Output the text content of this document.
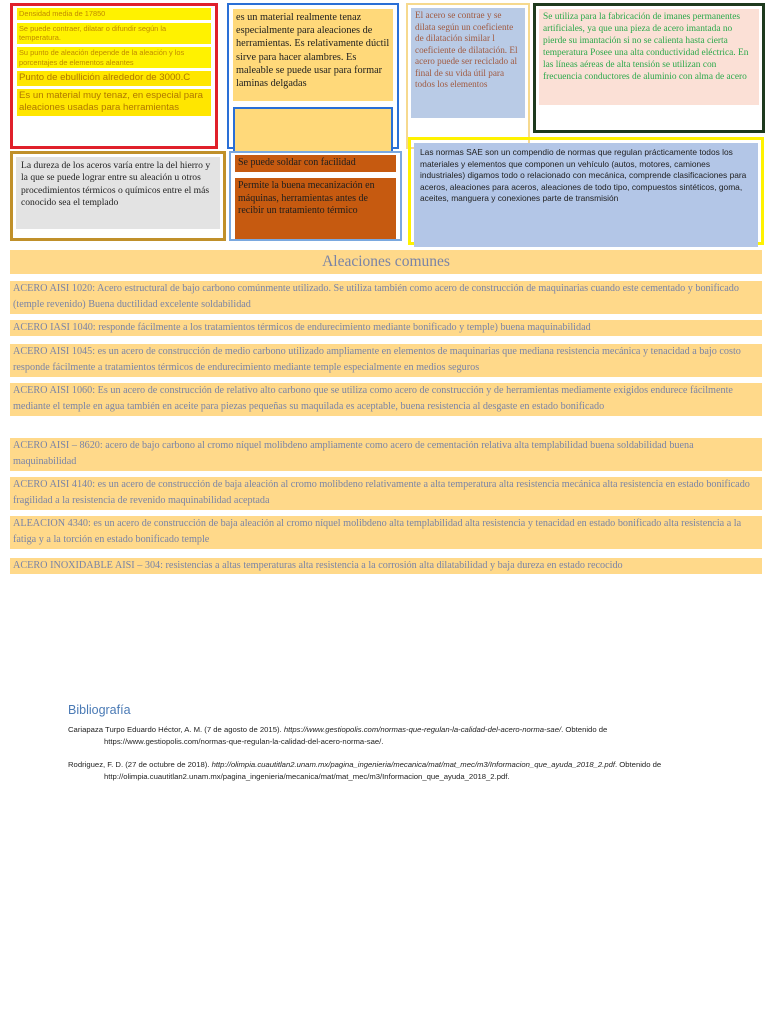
Densidad media de 17850
Se puede contraer, dilatar o difundir según la temperatura.
Su punto de aleación depende de la aleación y los porcentajes de elementos aleantes
Punto de ebullición alrededor de 3000.C
Es un material muy tenaz, en especial para aleaciones usadas para herramientas
es un material realmente tenaz especialmente para aleaciones de herramientas. Es relativamente dúctil sirve para hacer alambres. Es maleable se puede usar para formar laminas delgadas
El acero se contrae y se dilata según un coeficiente de dilatación similar l coeficiente de dilatación. El acero puede ser reciclado al final de su vida útil para todos los elementos
Se utiliza para la fabricación de imanes permanentes artificiales, ya que una pieza de acero imantada no pierde su imantación si no se calienta hasta cierta temperatura Posee una alta conductividad eléctrica. En las líneas aéreas de alta tensión se utilizan con frecuencia conductores de aluminio con alma de acero
La dureza de los aceros varía entre la del hierro y la que se puede lograr entre su aleación u otros procedimientos térmicos o químicos entre el más conocido sea el templado
Se puede soldar con facilidad
Permite la buena mecanización en máquinas, herramientas antes de recibir un tratamiento térmico
Las normas SAE son un compendio de normas que regulan prácticamente todos los materiales y elementos que componen un vehículo (autos, motores, camiones industriales) digamos todo o relacionado con mecánica, comprende clasificaciones para aceros, aleaciones para aceros, aleaciones de todo tipo, compuestos sintéticos, goma, aceites, manguera y conexiones parte de transmisión
Aleaciones comunes
ACERO AISI 1020: Acero estructural de bajo carbono comúnmente utilizado. Se utiliza también como acero de construcción de maquinarias cuando este cementado y bonificado (temple revenido) Buena ductilidad excelente soldabilidad
ACERO IASI 1040: responde fácilmente a los tratamientos térmicos de endurecimiento mediante bonificado y temple) buena maquinabilidad
ACERO AISI 1045: es un acero de construcción de medio carbono utilizado ampliamente en elementos de maquinarias que mediana resistencia mecánica y tenacidad a bajo costo responde fácilmente a tratamientos térmicos de endurecimiento mediante temple especialmente en medios seguros
ACERO AISI 1060: Es un acero de construcción de relativo alto carbono que se utiliza como acero de construcción y de herramientas mediamente exigidos endurece fácilmente mediante el temple en agua también en aceite para piezas pequeñas su maquilada es aceptable, buena resistencia al desgaste en estado bonificado
ACERO AISI – 8620: acero de bajo carbono al cromo níquel molibdeno ampliamente como acero de cementación relativa alta templabilidad buena soldabilidad buena maquinabilidad
ACERO AISI 4140: es un acero de construcción de baja aleación al cromo molibdeno relativamente a alta temperatura alta resistencia mecánica alta resistencia en estado bonificado fragilidad a la resistencia de revenido maquinabilidad aceptada
ALEACION 4340: es un acero de construcción de baja aleación al cromo níquel molibdeno alta templabilidad alta resistencia y tenacidad en estado bonificado alta resistencia a la fatiga y a la torción en estado bonificado temple
ACERO INOXIDABLE AISI – 304: resistencias a altas temperaturas alta resistencia a la corrosión alta dilatabilidad y baja dureza en estado recocido
Bibliografía
Cariapaza Turpo Eduardo Héctor, A. M. (7 de agosto de 2015). https://www.gestiopolis.com/normas-que-regulan-la-calidad-del-acero-norma-sae/. Obtenido de https://www.gestiopolis.com/normas-que-regulan-la-calidad-del-acero-norma-sae/.
Rodriguez, F. D. (27 de octubre de 2018). http://olimpia.cuautitlan2.unam.mx/pagina_ingenieria/mecanica/mat/mat_mec/m3/Informacion_que_ayuda_2018_2.pdf. Obtenido de http://olimpia.cuautitlan2.unam.mx/pagina_ingenieria/mecanica/mat/mat_mec/m3/Informacion_que_ayuda_2018_2.pdf.
